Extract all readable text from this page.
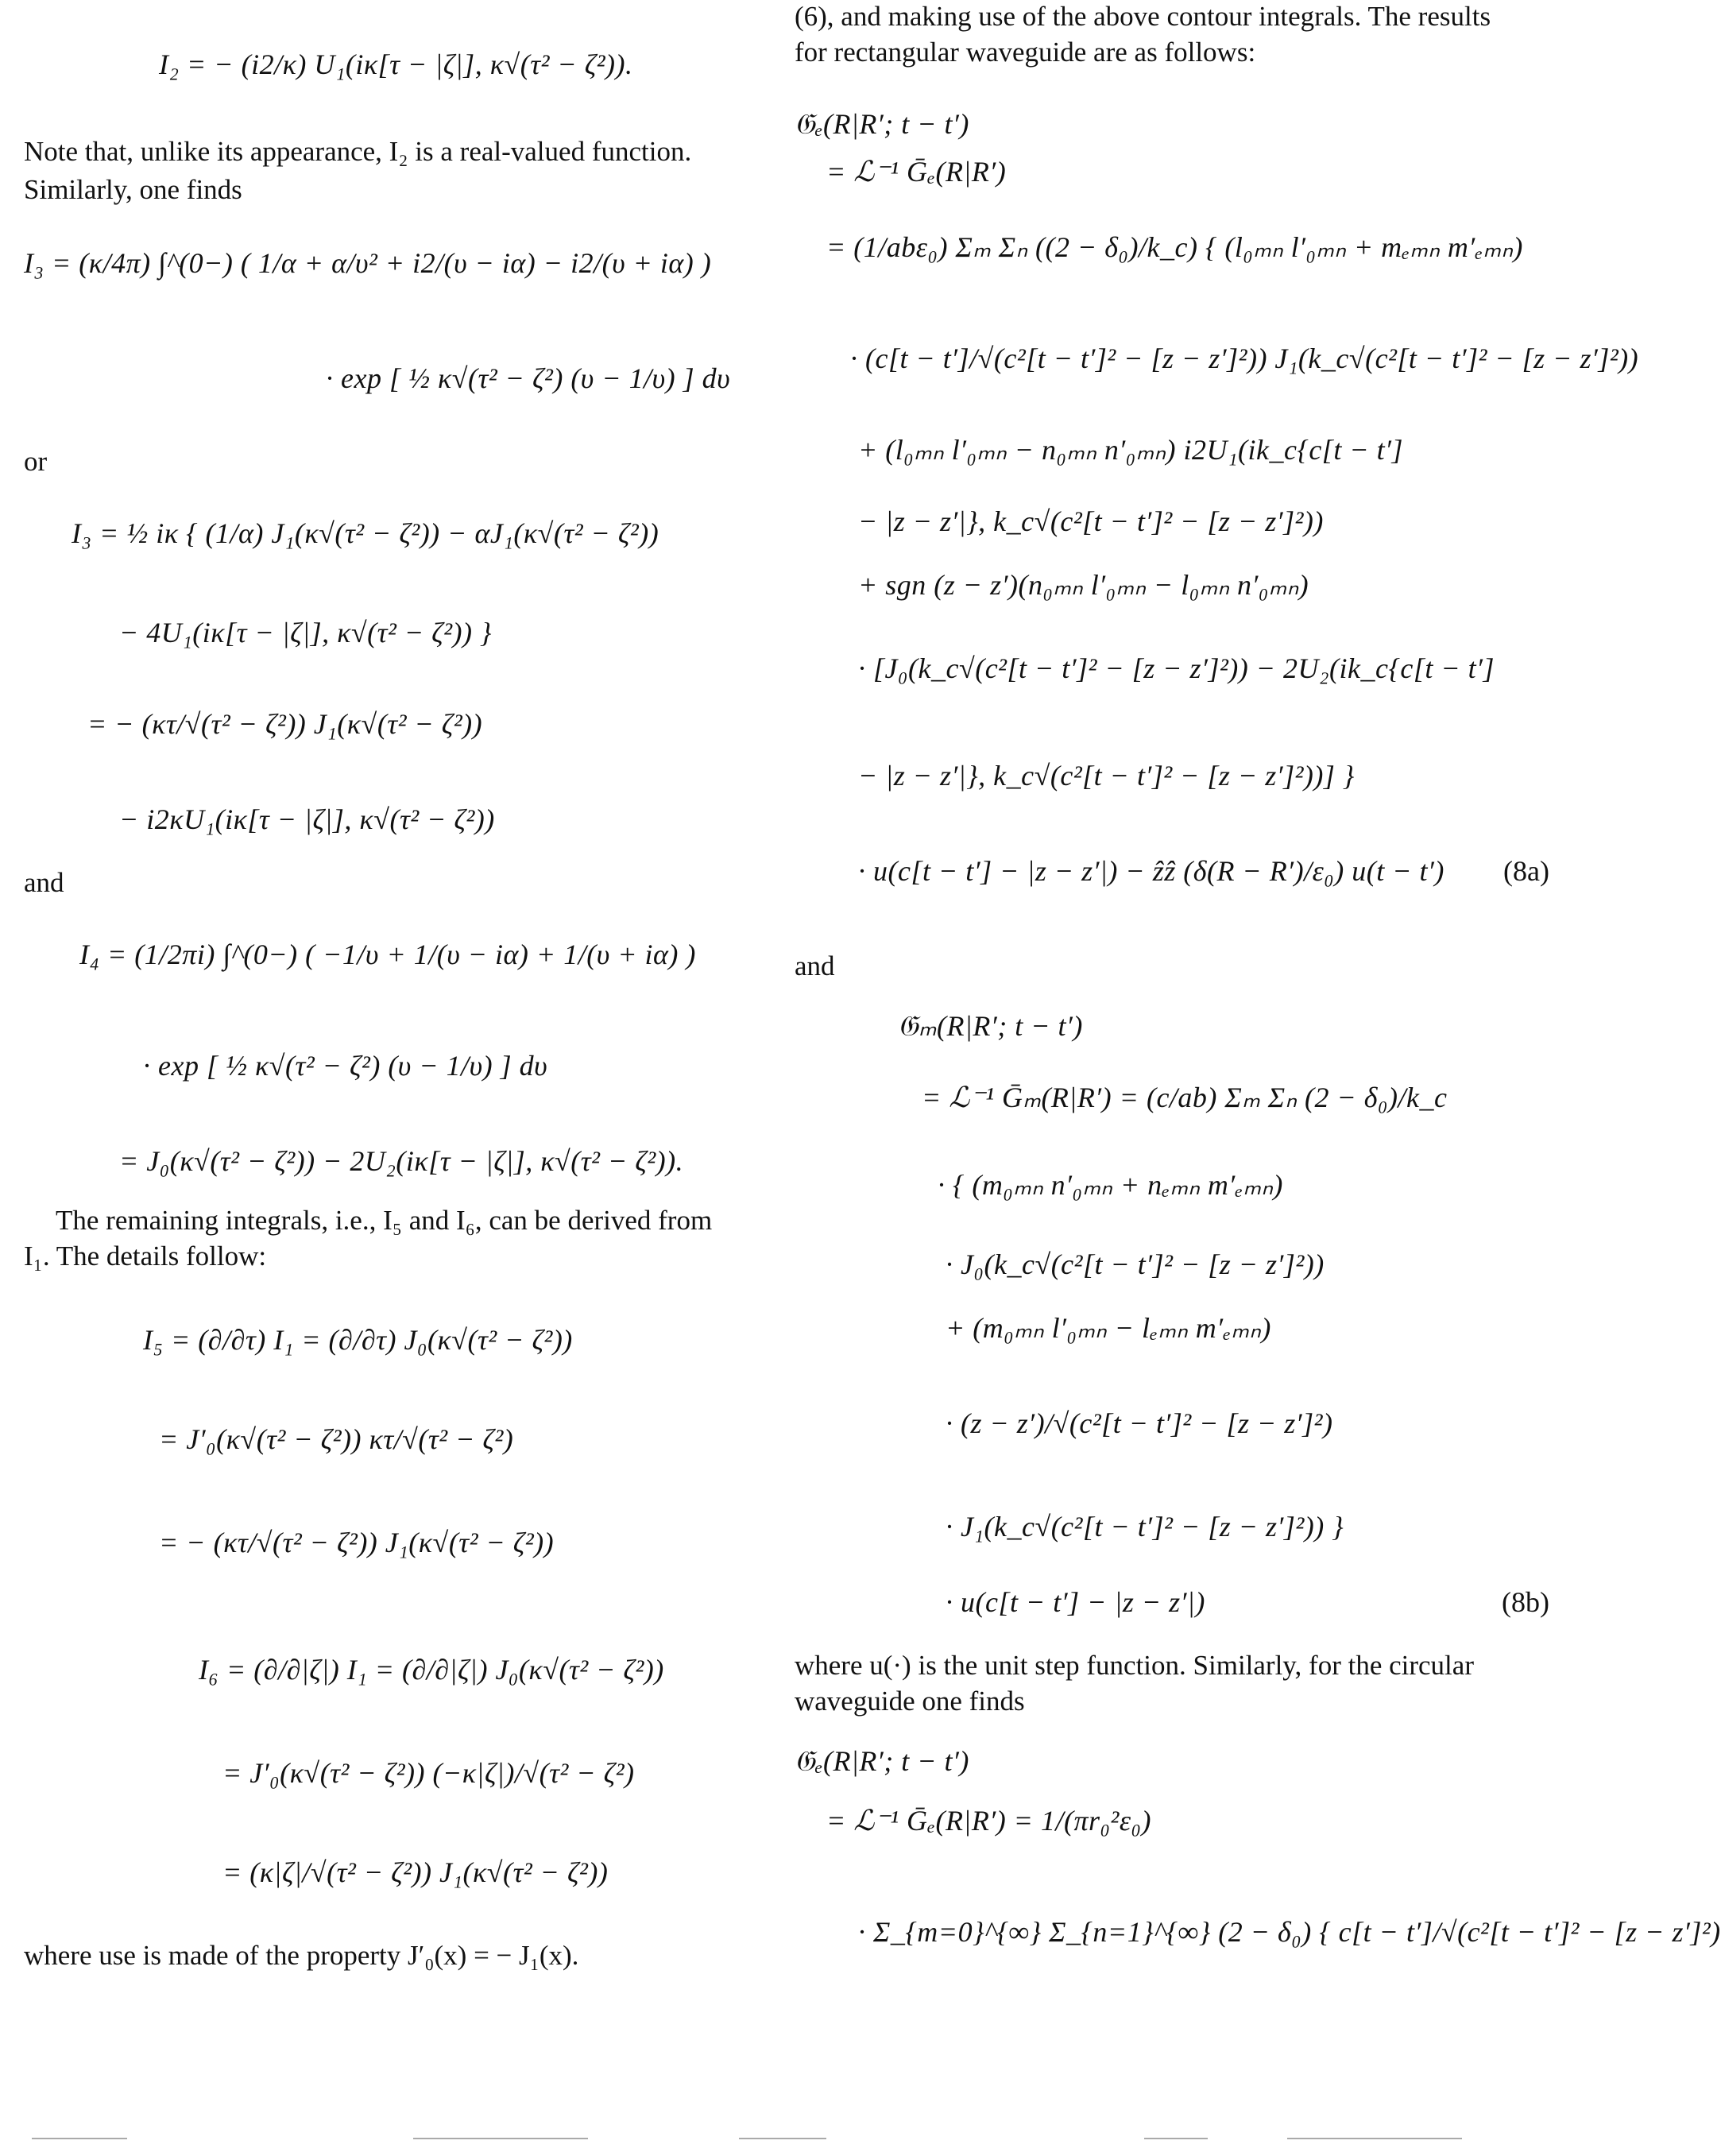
I₂ = − (i2/κ) U₁(iκ[τ − |ζ|], κ√(τ² − ζ²)).
Note that, unlike its appearance, I₂ is a real-valued function.
Similarly, one finds
I₃ = (κ/4π) ∫^(0−) ( 1/α + α/υ² + i2/(υ − iα) − i2/(υ + iα) )
· exp [ ½ κ√(τ² − ζ²) (υ − 1/υ) ] dυ
or
I₃ = ½ iκ { (1/α) J₁(κ√(τ² − ζ²)) − αJ₁(κ√(τ² − ζ²))
− 4U₁(iκ[τ − |ζ|], κ√(τ² − ζ²)) }
= − (κτ/√(τ² − ζ²)) J₁(κ√(τ² − ζ²))
− i2κU₁(iκ[τ − |ζ|], κ√(τ² − ζ²))
and
I₄ = (1/2πi) ∫^(0−) ( −1/υ + 1/(υ − iα) + 1/(υ + iα) )
· exp [ ½ κ√(τ² − ζ²) (υ − 1/υ) ] dυ
= J₀(κ√(τ² − ζ²)) − 2U₂(iκ[τ − |ζ|], κ√(τ² − ζ²)).
The remaining integrals, i.e., I₅ and I₆, can be derived from
I₁. The details follow:
I₅ = (∂/∂τ) I₁ = (∂/∂τ) J₀(κ√(τ² − ζ²))
= J′₀(κ√(τ² − ζ²)) κτ/√(τ² − ζ²)
= − (κτ/√(τ² − ζ²)) J₁(κ√(τ² − ζ²))
I₆ = (∂/∂|ζ|) I₁ = (∂/∂|ζ|) J₀(κ√(τ² − ζ²))
= J′₀(κ√(τ² − ζ²)) (−κ|ζ|)/√(τ² − ζ²)
= (κ|ζ|/√(τ² − ζ²)) J₁(κ√(τ² − ζ²))
where use is made of the property J′₀(x) = − J₁(x).
(6), and making use of the above contour integrals. The results
for rectangular waveguide are as follows:
𝔊ₑ(R|R′; t − t′)
= ℒ⁻¹ Ḡₑ(R|R′)
= (1/abε₀) Σₘ Σₙ ((2 − δ₀)/k_c) { (l₀ₘₙ l′₀ₘₙ + mₑₘₙ m′ₑₘₙ)
· (c[t − t′]/√(c²[t − t′]² − [z − z′]²)) J₁(k_c√(c²[t − t′]² − [z − z′]²))
+ (l₀ₘₙ l′₀ₘₙ − n₀ₘₙ n′₀ₘₙ) i2U₁(ik_c{c[t − t′]
− |z − z′|}, k_c√(c²[t − t′]² − [z − z′]²))
+ sgn (z − z′)(n₀ₘₙ l′₀ₘₙ − l₀ₘₙ n′₀ₘₙ)
· [J₀(k_c√(c²[t − t′]² − [z − z′]²)) − 2U₂(ik_c{c[t − t′]
− |z − z′|}, k_c√(c²[t − t′]² − [z − z′]²))] }
· u(c[t − t′] − |z − z′|) − ẑẑ (δ(R − R′)/ε₀) u(t − t′)
and
𝔊ₘ(R|R′; t − t′)
= ℒ⁻¹ Ḡₘ(R|R′) = (c/ab) Σₘ Σₙ (2 − δ₀)/k_c
· { (m₀ₘₙ n′₀ₘₙ + nₑₘₙ m′ₑₘₙ)
· J₀(k_c√(c²[t − t′]² − [z − z′]²))
+ (m₀ₘₙ l′₀ₘₙ − lₑₘₙ m′ₑₘₙ)
· (z − z′)/√(c²[t − t′]² − [z − z′]²)
· J₁(k_c√(c²[t − t′]² − [z − z′]²)) }
· u(c[t − t′] − |z − z′|)
where u(·) is the unit step function. Similarly, for the circular
waveguide one finds
𝔊ₑ(R|R′; t − t′)
= ℒ⁻¹ Ḡₑ(R|R′) = 1/(πr₀²ε₀)
· Σ_{m=0}^{∞} Σ_{n=1}^{∞} (2 − δ₀) { c[t − t′]/√(c²[t − t′]² − [z − z′]²)
(8a)
(8b)
